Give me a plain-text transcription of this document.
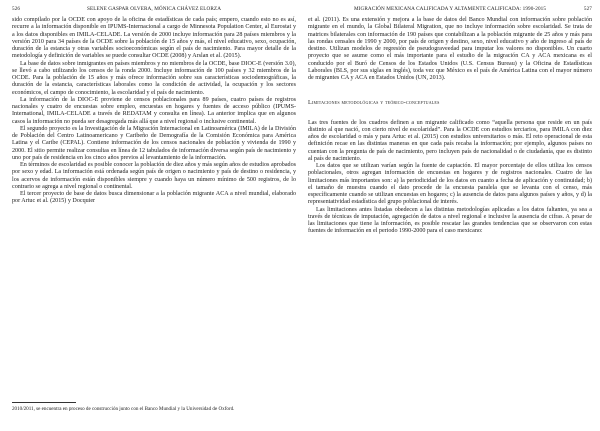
526	SELENE GASPAR OLVERA, MÓNICA CHÁVEZ ELORZA

sido compilado por la OCDE con apoyo de la oficina de estadísticas de cada país; empero, cuando esto no es así, recurre a la información disponible en IPUMS-Internacional a cargo de Minnesota Population Center, al Eurostat y a los datos disponibles en IMILA-CELADE. La versión de 2000 incluye información para 28 países miembros y la versión 2010 para 34 países de la OCDE sobre la población de 15 años y más, el nivel educativo, sexo, ocupación, duración de la estancia y otras variables socioeconómicas según el país de nacimiento. Para mayor detalle de la metodología y definición de variables se puede consultar OCDE (2008) y Arslan et al. (2015).

La base de datos sobre inmigrantes en países miembros y no miembros de la OCDE, base DIOC-E (versión 3.0), se llevó a cabo utilizando los censos de la ronda 2000. Incluye información de 100 países y 32 miembros de la OCDE. Para la población de 15 años y más ofrece información sobre sus características sociodemográficas, la duración de la estancia, características laborales como la condición de actividad, la ocupación y los sectores económicos, el campo de conocimiento, la escolaridad y el país de nacimiento.

La información de la DIOC-E proviene de censos poblacionales para 89 países, cuatro países de registros nacionales y cuatro de encuestas sobre empleo, encuestas en hogares y fuentes de acceso público (IPUMS-International, IMILA-CELADE a través de REDATAM y consulta en línea). La anterior implica que en algunos casos la información no pueda ser desagregada más allá que a nivel regional o inclusive continental.

El segundo proyecto es la Investigación de la Migración Internacional en Latinoamérica (IMILA) de la División de Población del Centro Latinoamericano y Caribeño de Demografía de la Comisión Económica para América Latina y el Caribe (CEPAL). Contiene información de los censos nacionales de población y vivienda de 1990 y 2000. El sitio permite realizar consultas en línea de 12 tabulados de información diversa según país de nacimiento y uno por país de residencia en los cinco años previos al levantamiento de la información.

En términos de escolaridad es posible conocer la población de diez años y más según años de estudios aprobados por sexo y edad. La información está ordenada según país de origen o nacimiento y país de destino o residencia, y los acervos de información están disponibles siempre y cuando haya un número mínimo de 500 registros, de lo contrario se agrega a nivel regional o continental.

El tercer proyecto de base de datos busca dimensionar a la población migrante ACA a nivel mundial, elaborado por Artuc et al. (2015) y Docquier

2010/2011, se encuentra en proceso de construcción junto con el Banco Mundial y la Universidad de Oxford.
MIGRACIÓN MEXICANA CALIFICADA Y ALTAMENTE CALIFICADA: 1990-2015	527

et al. (2011). Es una extensión y mejora a la base de datos del Banco Mundial con información sobre población migrante en el mundo, la Global Bilateral Migration, que no incluye información sobre escolaridad. Se trata de matrices bilaterales con información de 190 países que contabilizan a la población migrante de 25 años y más para las rondas censales de 1990 y 2000, por país de origen y destino, sexo, nivel educativo y año de ingreso al país de destino. Utilizan modelos de regresión de pseudograveedad para imputar los valores no disponibles. Un cuarto proyecto que se asume como el más importante para el estudio de la migración CA y ACA mexicana es el conducido por el Buró de Censos de los Estados Unidos (U.S. Census Bureau) y la Oficina de Estadísticas Laborales (BLS, por sus siglas en inglés), toda vez que México es el país de América Latina con el mayor número de migrantes CA y ACA en Estados Unidos (UN, 2013).

Limitaciones metodológicas y teórico-conceptuales

Las tres fuentes de los cuadros definen a un migrante calificado como “aquella persona que reside en un país distinto al que nació, con cierto nivel de escolaridad”. Para la OCDE con estudios terciarios, para IMILA con diez años de escolaridad o más y para Artuc et al. (2015) con estudios universitarios o más. El reto operacional de esta definición recae en las distintas maneras en que cada país recaba la información; por ejemplo, algunos países no cuentan con la pregunta de país de nacimiento, pero incluyen país de nacionalidad o de ciudadanía, que es distinto al país de nacimiento.

Los datos que se utilizan varían según la fuente de captación. El mayor porcentaje de ellos utiliza los censos poblacionales, otros agregan información de encuestas en hogares y de registros nacionales. Cuatro de las limitaciones más importantes son: a) la periodicidad de los datos en cuanto a fecha de aplicación y continuidad; b) el tamaño de muestra cuando el dato procede de la encuesta paralela que se levanta con el censo, más específicamente cuando se utilizan encuestas en hogares; c) la ausencia de datos para algunos países y años, y d) la representatividad estadística del grupo poblacional de interés.

Las limitaciones antes listadas obedecen a las distintas metodologías aplicadas a los datos faltantes, ya sea a través de técnicas de imputación, agregación de datos a nivel regional e inclusive la ausencia de cifras. A pesar de las limitaciones que tiene la información, es posible rescatar las grandes tendencias que se observaron con estas fuentes de información en el periodo 1990-2000 para el caso mexicano:
